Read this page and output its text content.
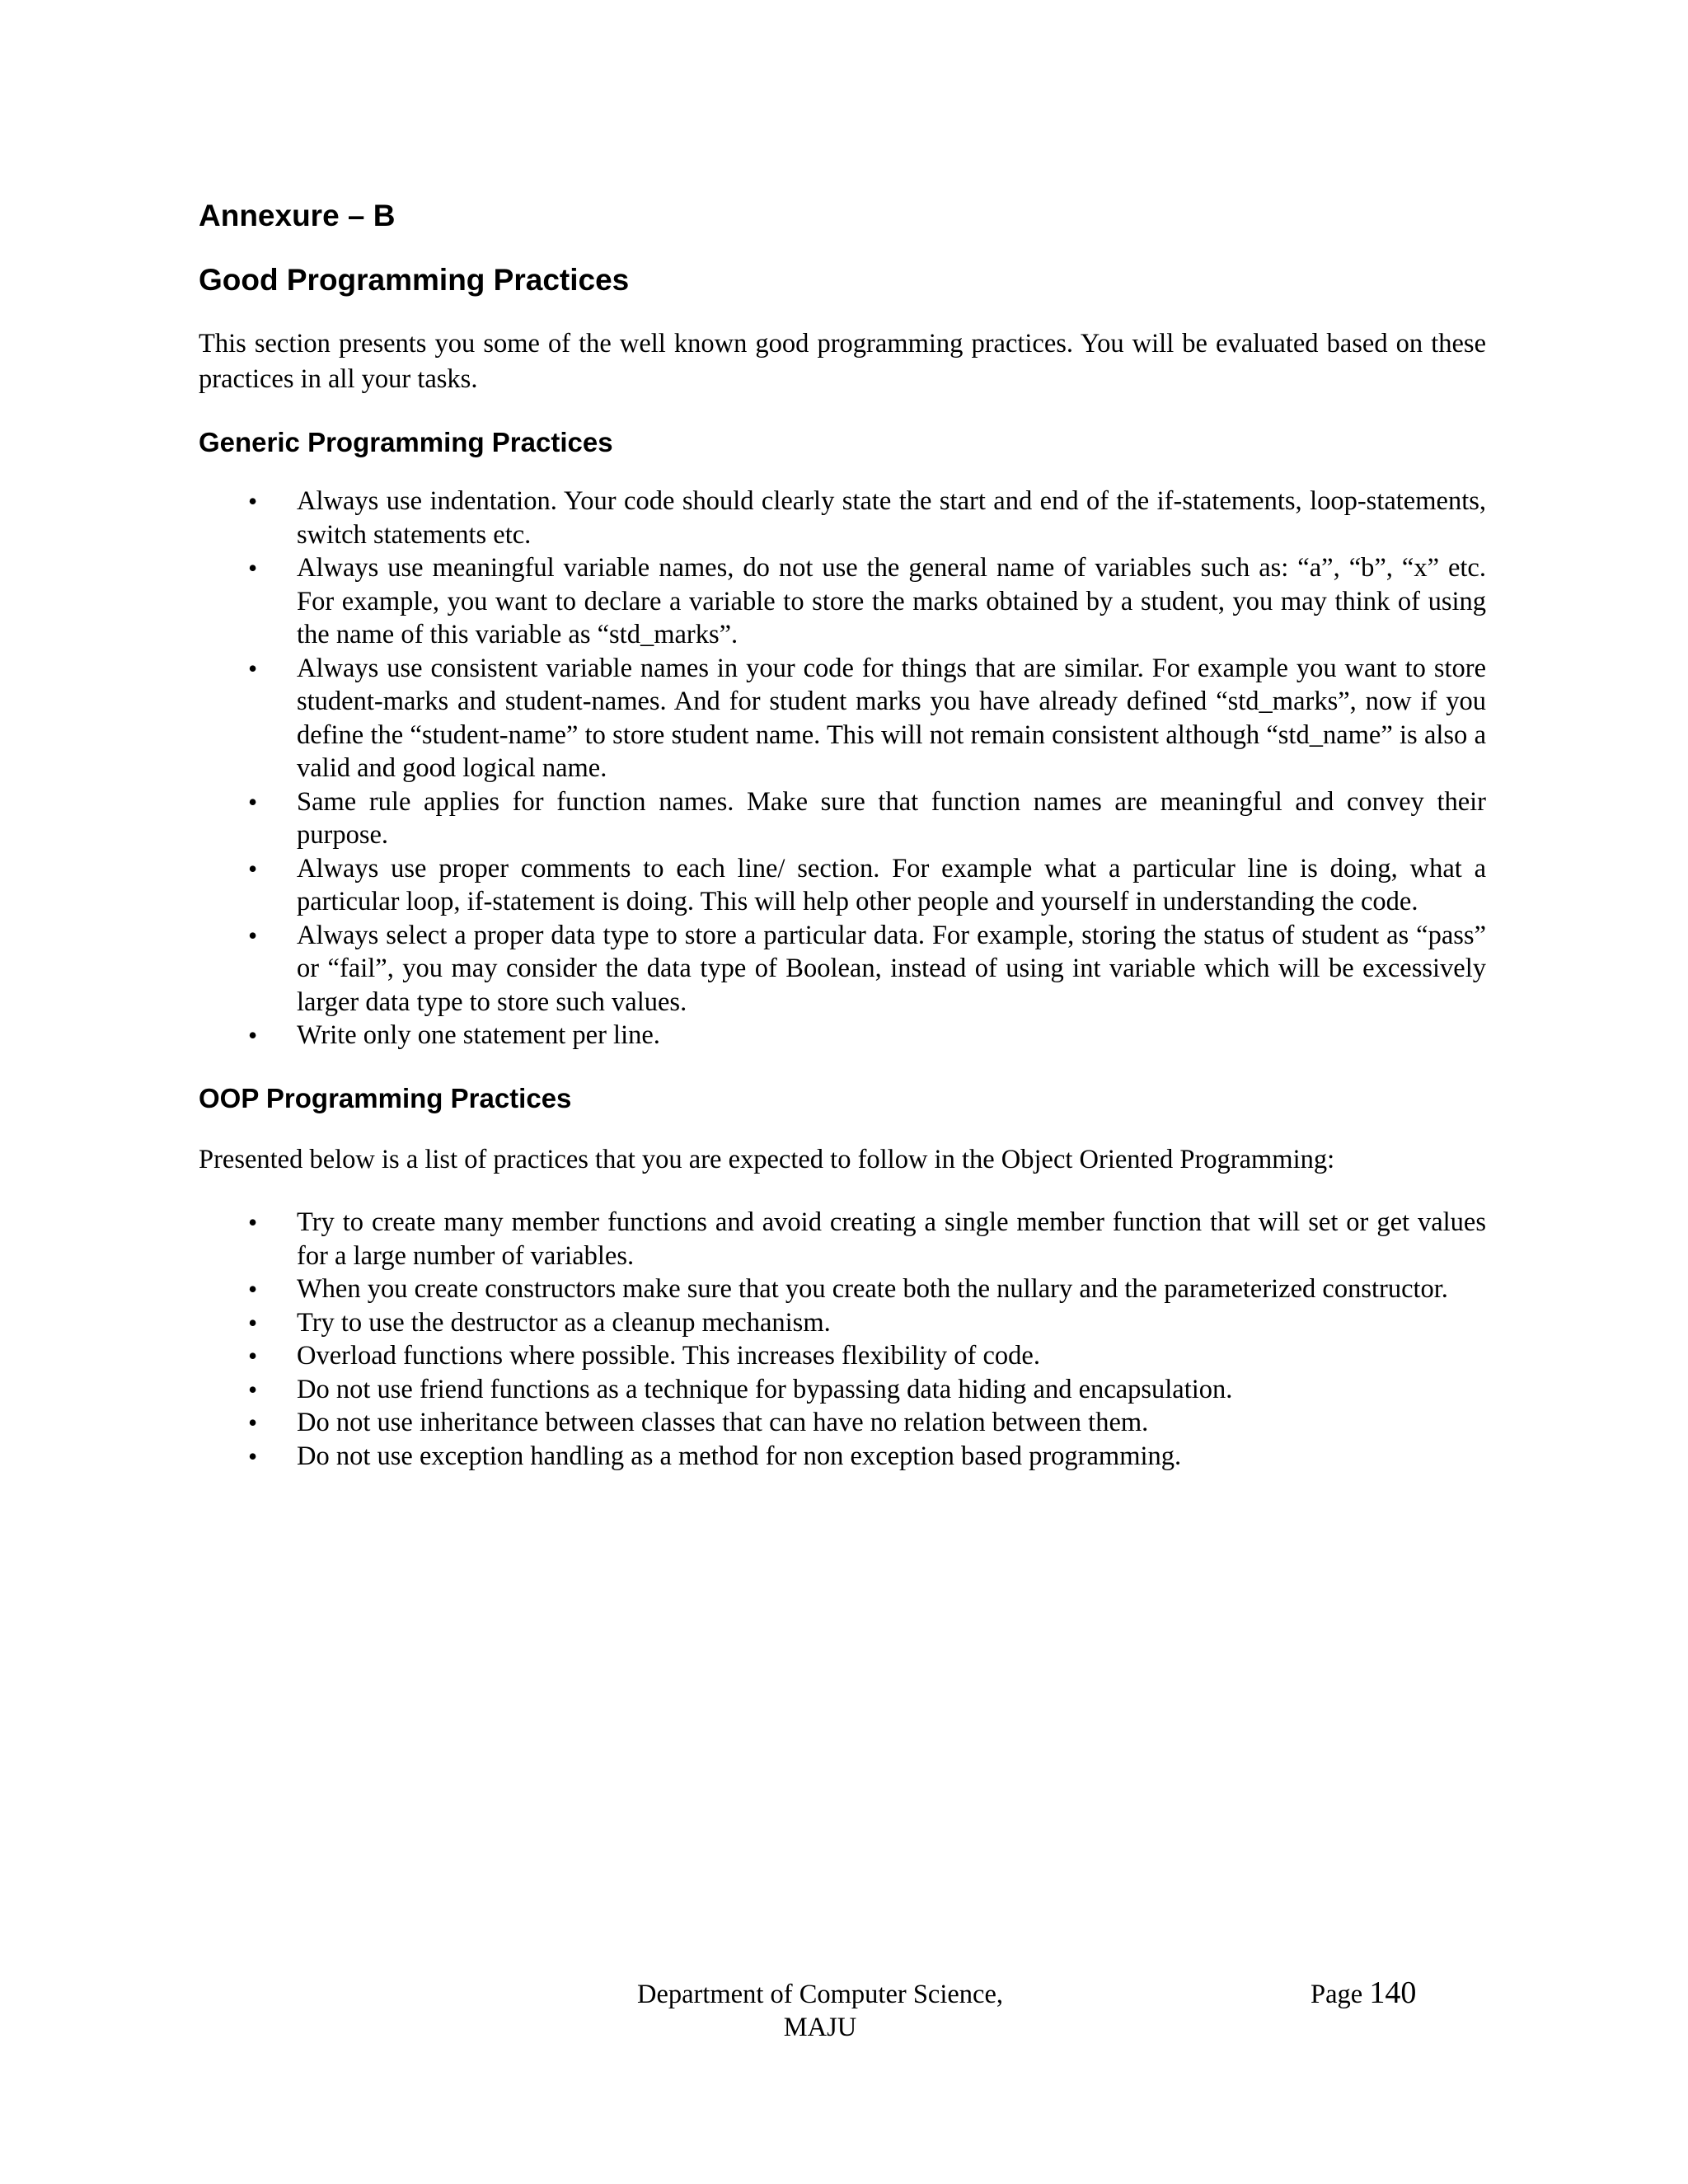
Annexure – B
Good Programming Practices

This section presents you some of the well known good programming practices. You will be evaluated based on these practices in all your tasks.

Generic Programming Practices
•	Always use indentation. Your code should clearly state the start and end of the if-statements, loop-statements, switch statements etc.
•	Always use meaningful variable names, do not use the general name of variables such as: “a”, “b”, “x” etc. For example, you want to declare a variable to store the marks obtained by a student, you may think of using the name of this variable as “std_marks”.
•	Always use consistent variable names in your code for things that are similar. For example you want to store student-marks and student-names. And for student marks you have already defined “std_marks”, now if you define the “student-name” to store student name. This will not remain consistent although “std_name” is also a valid and good logical name.
•	Same rule applies for function names. Make sure that function names are meaningful and convey their purpose.
•	Always use proper comments to each line/ section. For example what a particular line is doing, what a particular loop, if-statement is doing. This will help other people and yourself in understanding the code.
•	Always select a proper data type to store a particular data. For example, storing the status of student as “pass” or “fail”, you may consider the data type of Boolean, instead of using int variable which will be excessively larger data type to store such values.
•	Write only one statement per line.
OOP Programming Practices

Presented below is a list of practices that you are expected to follow in the Object Oriented Programming:

•	Try to create many member functions and avoid creating a single member function that will set or get values for a large number of variables.
•	When you create constructors make sure that you create both the nullary and the parameterized constructor.
•	Try to use the destructor as a cleanup mechanism.
•	Overload functions where possible. This increases flexibility of code.
•	Do not use friend functions as a technique for bypassing data hiding and encapsulation.
•	Do not use inheritance between classes that can have no relation between them.
•	Do not use exception handling as a method for non exception based programming.
Department of Computer Science,
MAJU
Page 140
